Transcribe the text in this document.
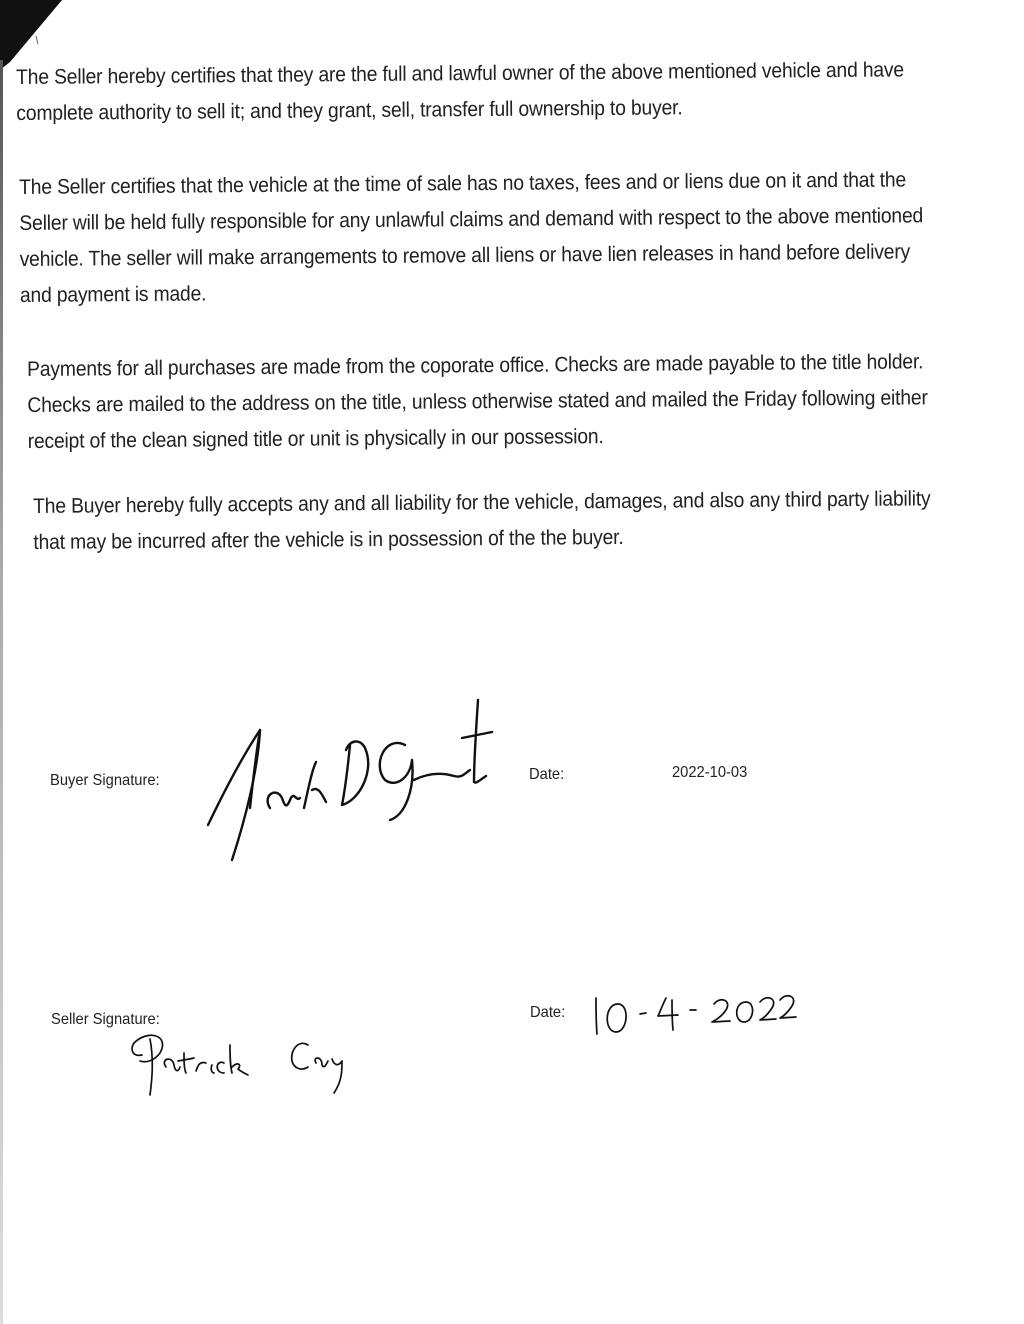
The Seller hereby certifies that they are the full and lawful owner of the above mentioned vehicle and have
complete authority to sell it; and they grant, sell, transfer full ownership to buyer.

The Seller certifies that the vehicle at the time of sale has no taxes, fees and or liens due on it and that the
Seller will be held fully responsible for any unlawful claims and demand with respect to the above mentioned
vehicle. The seller will make arrangements to remove all liens or have lien releases in hand before delivery
and payment is made.

Payments for all purchases are made from the coporate office. Checks are made payable to the title holder.
Checks are mailed to the address on the title, unless otherwise stated and mailed the Friday following either
receipt of the clean signed title or unit is physically in our possession.

The Buyer hereby fully accepts any and all liability for the vehicle, damages, and also any third party liability
that may be incurred after the vehicle is in possession of the the buyer.

Buyer Signature:	Date:	2022-10-03
Seller Signature:	Date:
